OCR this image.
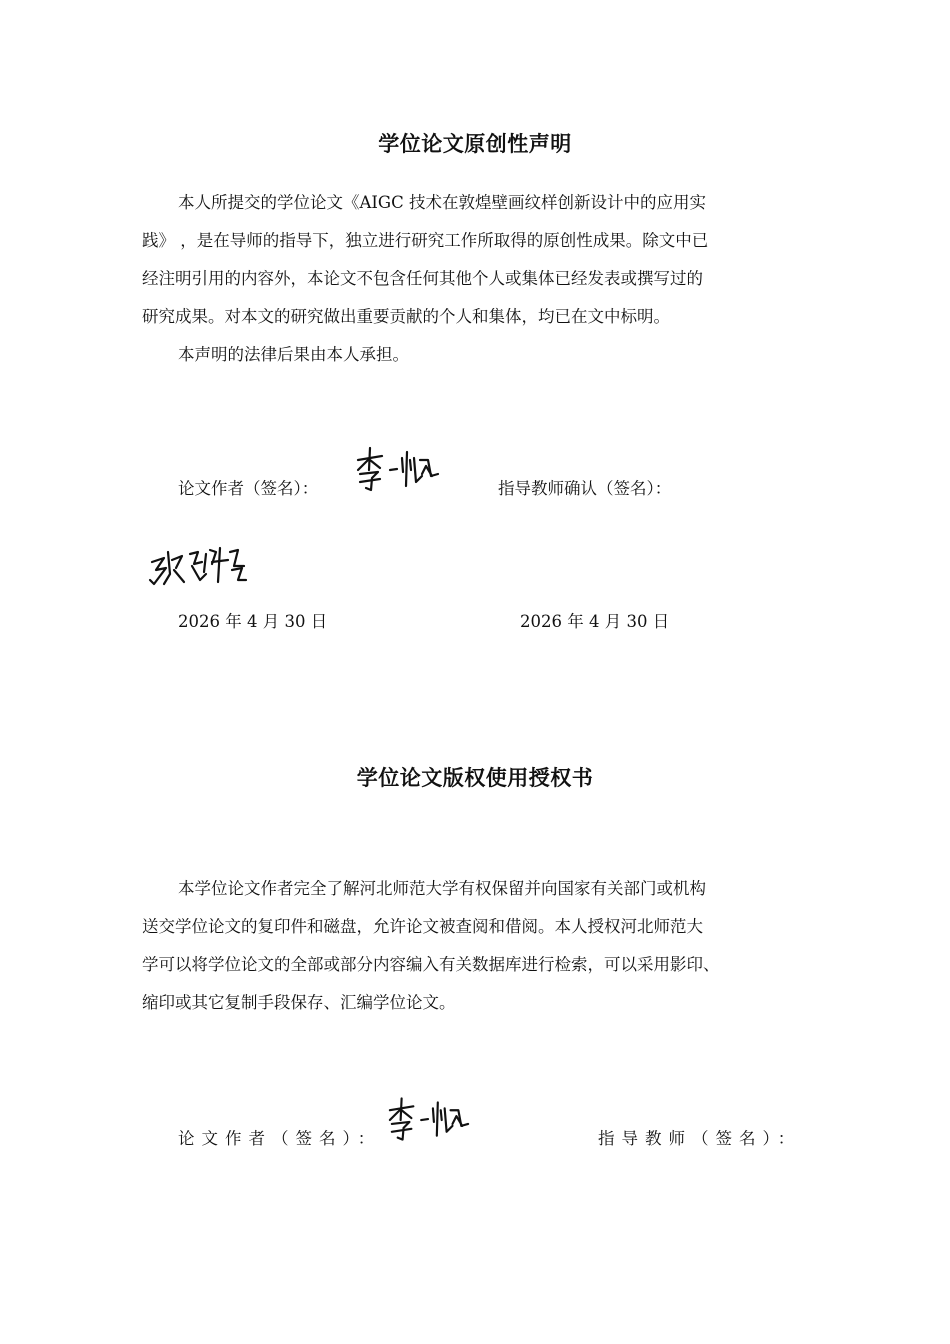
学位论文原创性声明
本人所提交的学位论文《AIGC 技术在敦煌壁画纹样创新设计中的应用实
践》 ，是在导师的指导下，独立进行研究工作所取得的原创性成果。除文中已
经注明引用的内容外，本论文不包含任何其他个人或集体已经发表或撰写过的
研究成果。对本文的研究做出重要贡献的个人和集体，均已在文中标明。
本声明的法律后果由本人承担。
论文作者（签名）：	指导教师确认（签名）：
2026 年 4 月 30 日	2026 年 4 月 30 日
学位论文版权使用授权书
本学位论文作者完全了解河北师范大学有权保留并向国家有关部门或机构
送交学位论文的复印件和磁盘，允许论文被查阅和借阅。本人授权河北师范大
学可以将学位论文的全部或部分内容编入有关数据库进行检索，可以采用影印、
缩印或其它复制手段保存、汇编学位论文。
论文作者（签名）：	指导教师（签名）：
